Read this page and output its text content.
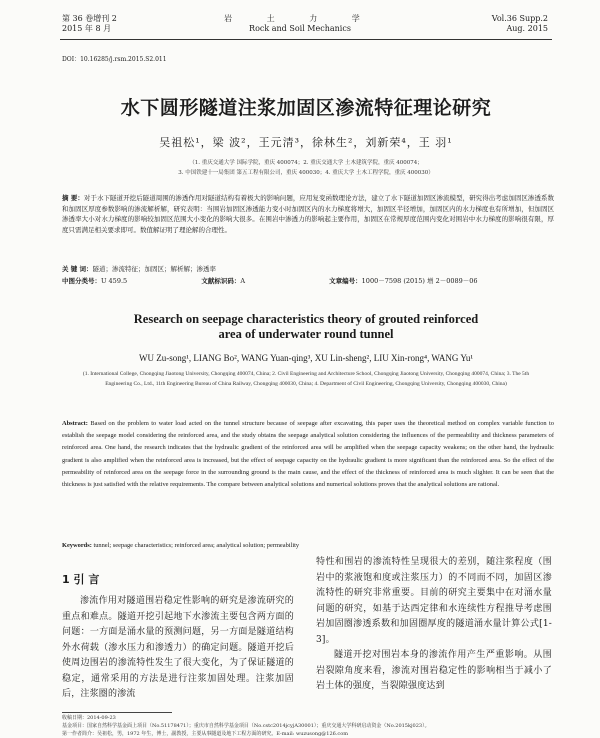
第 36 卷增刊 2
2015 年 8 月
岩 土 力 学
Rock and Soil Mechanics
Vol.36 Supp.2
Aug. 2015
DOI：10.16285/j.rsm.2015.S2.011
水下圆形隧道注浆加固区渗流特征理论研究
吴祖松¹，梁 波²，王元清³，徐林生²，刘新荣⁴，王 羽¹
（1. 重庆交通大学 国际学院，重庆 400074；2. 重庆交通大学 土木建筑学院，重庆 400074；
3. 中国铁建十一局集团 第五工程有限公司，重庆 400030；4. 重庆大学 土木工程学院，重庆 400030）
摘 要：对于水下隧道开挖后隧道周围的渗透作用对隧道结构有着极大的影响问题，应用复变函数理论方法，建立了水下隧道加固区渗流模型，研究得出考虑加固区渗透系数和加固区厚度参数影响的渗流解析解，研究表明：当围岩加固区渗透能力变小时加固区内的水力梯度将增大，加固区半径增加，加固区内的水力梯度也有所增加，但加固区渗透率大小对水力梯度的影响较加固区范围大小变化的影响大很多。在围岩中渗透力的影响起主要作用，加固区在常规厚度范围内变化对围岩中水力梯度的影响很有限，厚度只需满足相关要求即可。数值解证明了理论解的合理性。
关 键 词：隧道；渗流特征；加固区；解析解；渗透率
中图分类号：U 459.5	文献标识码：A	文章编号：1000－7598 (2015) 增 2－0089－06
Research on seepage characteristics theory of grouted reinforced area of underwater round tunnel
WU Zu-song¹, LIANG Bo², WANG Yuan-qing³, XU Lin-sheng², LIU Xin-rong⁴, WANG Yu¹
(1. International College, Chongqing Jiaotong University, Chongqing 400074, China; 2. Civil Engineering and Architecture School, Chongqing Jiaotong University, Chongqing 400074, China; 3. The 5th Engineering Co., Ltd., 11th Engineering Bureau of China Railway, Chongqing 400030, China; 4. Department of Civil Engineering, Chongqing University, Chongqing 400030, China)
Abstract: Based on the problem to water load acted on the tunnel structure because of seepage after excavating, this paper uses the theoretical method on complex variable function to establish the seepage model considering the reinforced area, and the study obtains the seepage analytical solution considering the influences of the permeability and thickness parameters of reinforced area. One hand, the research indicates that the hydraulic gradient of the reinforced area will be amplified when the seepage capacity weakens; on the other hand, the hydraulic gradient is also amplified when the reinforced area is increased, but the effect of seepage capacity on the hydraulic gradient is more significant than the reinforced area. So the effect of the permeability of reinforced area on the seepage force in the surrounding ground is the main cause, and the effect of the thickness of reinforced area is much slighter. It can be seen that the thickness is just satisfied with the relative requirements. The compare between analytical solutions and numerical solutions proves that the analytical solutions are rational.
Keywords: tunnel; seepage characteristics; reinforced area; analytical solution; permeability
1 引 言
渗流作用对隧道围岩稳定性影响的研究是渗流研究的重点和难点。隧道开挖引起地下水渗流主要包含两方面的问题：一方面是涌水量的预测问题，另一方面是隧道结构外水荷载（渗水压力和渗透力）的确定问题。隧道开挖后使周边围岩的渗流特性发生了很大变化，为了保证隧道的稳定，通常采用的方法是进行注浆加固处理。注浆加固后，注浆圈的渗流
特性和围岩的渗流特性呈现很大的差别，随注浆程度（围岩中的浆液饱和度或注浆压力）的不同而不同，加固区渗流特性的研究非常重要。目前的研究主要集中在对涌水量问题的研究，如基于达西定律和水连续性方程推导考虑围岩加固圈渗透系数和加固圈厚度的隧道涌水量计算公式[1-3]。
隧道开挖对围岩本身的渗流作用产生严重影响。从围岩裂隙角度来看，渗流对围岩稳定性的影响相当于减小了岩土体的强度，当裂隙强度达到
收稿日期：2014-09-23
基金项目：国家自然科学基金面上项目（No.51178471）；重庆市自然科学基金项目（No.cstc2014jcyjA30001）；重庆交通大学科研启动资金（No.2015kj023）。
第一作者简介：吴祖松，男，1972 年生，博士，副教授，主要从事隧道及地下工程方面的研究。E-mail: wuzusong@126.com
